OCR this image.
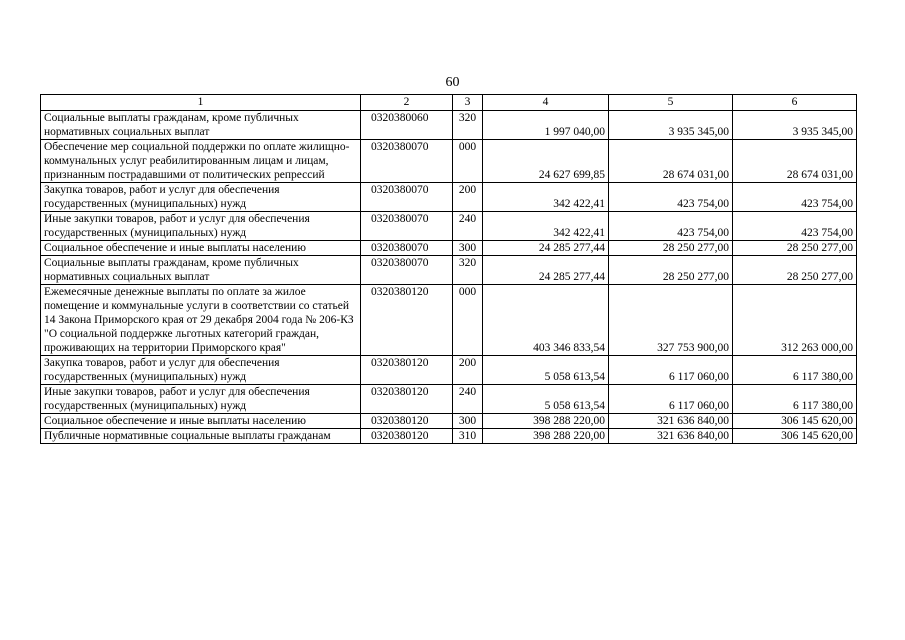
60
1	2	3	4	5	6
Социальные выплаты гражданам, кроме публичных нормативных социальных выплат	0320380060	320	1 997 040,00	3 935 345,00	3 935 345,00
Обеспечение мер социальной поддержки по оплате жилищно-коммунальных услуг реабилитированным лицам и лицам, признанным пострадавшими от политических репрессий	0320380070	000	24 627 699,85	28 674 031,00	28 674 031,00
Закупка товаров, работ и услуг для обеспечения государственных (муниципальных) нужд	0320380070	200	342 422,41	423 754,00	423 754,00
Иные закупки товаров, работ и услуг для обеспечения государственных (муниципальных) нужд	0320380070	240	342 422,41	423 754,00	423 754,00
Социальное обеспечение и иные выплаты населению	0320380070	300	24 285 277,44	28 250 277,00	28 250 277,00
Социальные выплаты гражданам, кроме публичных нормативных социальных выплат	0320380070	320	24 285 277,44	28 250 277,00	28 250 277,00
Ежемесячные денежные выплаты по оплате за жилое помещение и коммунальные услуги в соответствии со статьей 14 Закона Приморского края от 29 декабря 2004 года № 206-КЗ "О социальной поддержке льготных категорий граждан, проживающих на территории Приморского края"	0320380120	000	403 346 833,54	327 753 900,00	312 263 000,00
Закупка товаров, работ и услуг для обеспечения государственных (муниципальных) нужд	0320380120	200	5 058 613,54	6 117 060,00	6 117 380,00
Иные закупки товаров, работ и услуг для обеспечения государственных (муниципальных) нужд	0320380120	240	5 058 613,54	6 117 060,00	6 117 380,00
Социальное обеспечение и иные выплаты населению	0320380120	300	398 288 220,00	321 636 840,00	306 145 620,00
Публичные нормативные социальные выплаты гражданам	0320380120	310	398 288 220,00	321 636 840,00	306 145 620,00
